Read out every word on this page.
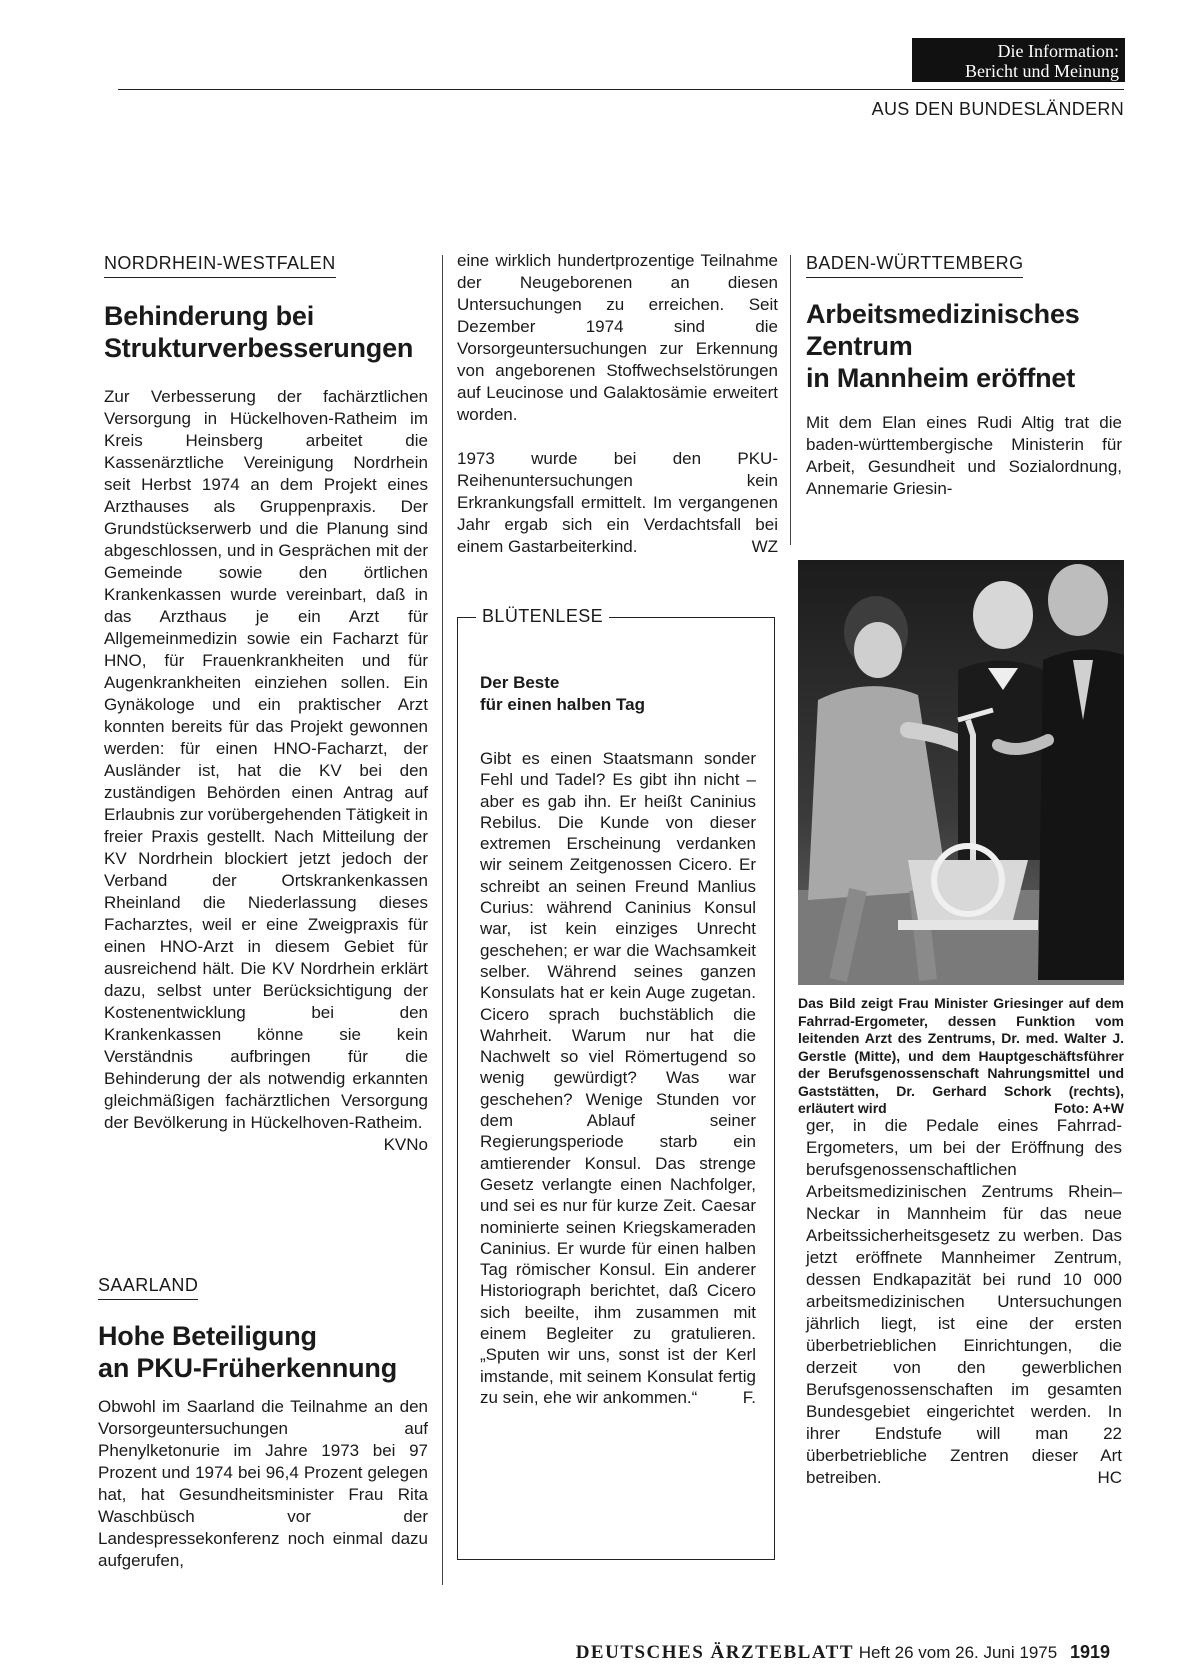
Die Information:
Bericht und Meinung
AUS DEN BUNDESLÄNDERN
NORDRHEIN-WESTFALEN
Behinderung bei
Strukturverbesserungen
Zur Verbesserung der fachärztlichen Versorgung in Hückelhoven-Ratheim im Kreis Heinsberg arbeitet die Kassenärztliche Vereinigung Nordrhein seit Herbst 1974 an dem Projekt eines Arzthauses als Gruppenpraxis. Der Grundstückserwerb und die Planung sind abgeschlossen, und in Gesprächen mit der Gemeinde sowie den örtlichen Krankenkassen wurde vereinbart, daß in das Arzthaus je ein Arzt für Allgemeinmedizin sowie ein Facharzt für HNO, für Frauenkrankheiten und für Augenkrankheiten einziehen sollen. Ein Gynäkologe und ein praktischer Arzt konnten bereits für das Projekt gewonnen werden: für einen HNO-Facharzt, der Ausländer ist, hat die KV bei den zuständigen Behörden einen Antrag auf Erlaubnis zur vorübergehenden Tätigkeit in freier Praxis gestellt. Nach Mitteilung der KV Nordrhein blockiert jetzt jedoch der Verband der Ortskrankenkassen Rheinland die Niederlassung dieses Facharztes, weil er eine Zweigpraxis für einen HNO-Arzt in diesem Gebiet für ausreichend hält. Die KV Nordrhein erklärt dazu, selbst unter Berücksichtigung der Kostenentwicklung bei den Krankenkassen könne sie kein Verständnis aufbringen für die Behinderung der als notwendig erkannten gleichmäßigen fachärztlichen Versorgung der Bevölkerung in Hückelhoven-Ratheim.
KVNo
SAARLAND
Hohe Beteiligung
an PKU-Früherkennung
Obwohl im Saarland die Teilnahme an den Vorsorgeuntersuchungen auf Phenylketonurie im Jahre 1973 bei 97 Prozent und 1974 bei 96,4 Prozent gelegen hat, hat Gesundheitsminister Frau Rita Waschbüsch vor der Landespressekonferenz noch einmal dazu aufgerufen,
eine wirklich hundertprozentige Teilnahme der Neugeborenen an diesen Untersuchungen zu erreichen. Seit Dezember 1974 sind die Vorsorgeuntersuchungen zur Erkennung von angeborenen Stoffwechselstörungen auf Leucinose und Galaktosämie erweitert worden.
1973 wurde bei den PKU-Reihenuntersuchungen kein Erkrankungsfall ermittelt. Im vergangenen Jahr ergab sich ein Verdachtsfall bei einem Gastarbeiterkind.	WZ
BLÜTENLESE
Der Beste
für einen halben Tag
Gibt es einen Staatsmann sonder Fehl und Tadel? Es gibt ihn nicht – aber es gab ihn. Er heißt Caninius Rebilus. Die Kunde von dieser extremen Erscheinung verdanken wir seinem Zeitgenossen Cicero. Er schreibt an seinen Freund Manlius Curius: während Caninius Konsul war, ist kein einziges Unrecht geschehen; er war die Wachsamkeit selber. Während seines ganzen Konsulats hat er kein Auge zugetan. Cicero sprach buchstäblich die Wahrheit. Warum nur hat die Nachwelt so viel Römertugend so wenig gewürdigt? Was war geschehen? Wenige Stunden vor dem Ablauf seiner Regierungsperiode starb ein amtierender Konsul. Das strenge Gesetz verlangte einen Nachfolger, und sei es nur für kurze Zeit. Caesar nominierte seinen Kriegskameraden Caninius. Er wurde für einen halben Tag römischer Konsul. Ein anderer Historiograph berichtet, daß Cicero sich beeilte, ihm zusammen mit einem Begleiter zu gratulieren. „Sputen wir uns, sonst ist der Kerl imstande, mit seinem Konsulat fertig zu sein, ehe wir ankommen.“	F.
BADEN-WÜRTTEMBERG
Arbeitsmedizinisches
Zentrum
in Mannheim eröffnet
Mit dem Elan eines Rudi Altig trat die baden-württembergische Ministerin für Arbeit, Gesundheit und Sozialordnung, Annemarie Griesin-
Das Bild zeigt Frau Minister Griesinger auf dem Fahrrad-Ergometer, dessen Funktion vom leitenden Arzt des Zentrums, Dr. med. Walter J. Gerstle (Mitte), und dem Hauptgeschäftsführer der Berufsgenossenschaft Nahrungsmittel und Gaststätten, Dr. Gerhard Schork (rechts), erläutert wird	Foto: A+W
ger, in die Pedale eines Fahrrad-Ergometers, um bei der Eröffnung des berufsgenossenschaftlichen Arbeitsmedizinischen Zentrums Rhein–Neckar in Mannheim für das neue Arbeitssicherheitsgesetz zu werben. Das jetzt eröffnete Mannheimer Zentrum, dessen Endkapazität bei rund 10 000 arbeitsmedizinischen Untersuchungen jährlich liegt, ist eine der ersten überbetrieblichen Einrichtungen, die derzeit von den gewerblichen Berufsgenossenschaften im gesamten Bundesgebiet eingerichtet werden. In ihrer Endstufe will man 22 überbetriebliche Zentren dieser Art betreiben.	HC
DEUTSCHES ÄRZTEBLATT Heft 26 vom 26. Juni 1975 1919
